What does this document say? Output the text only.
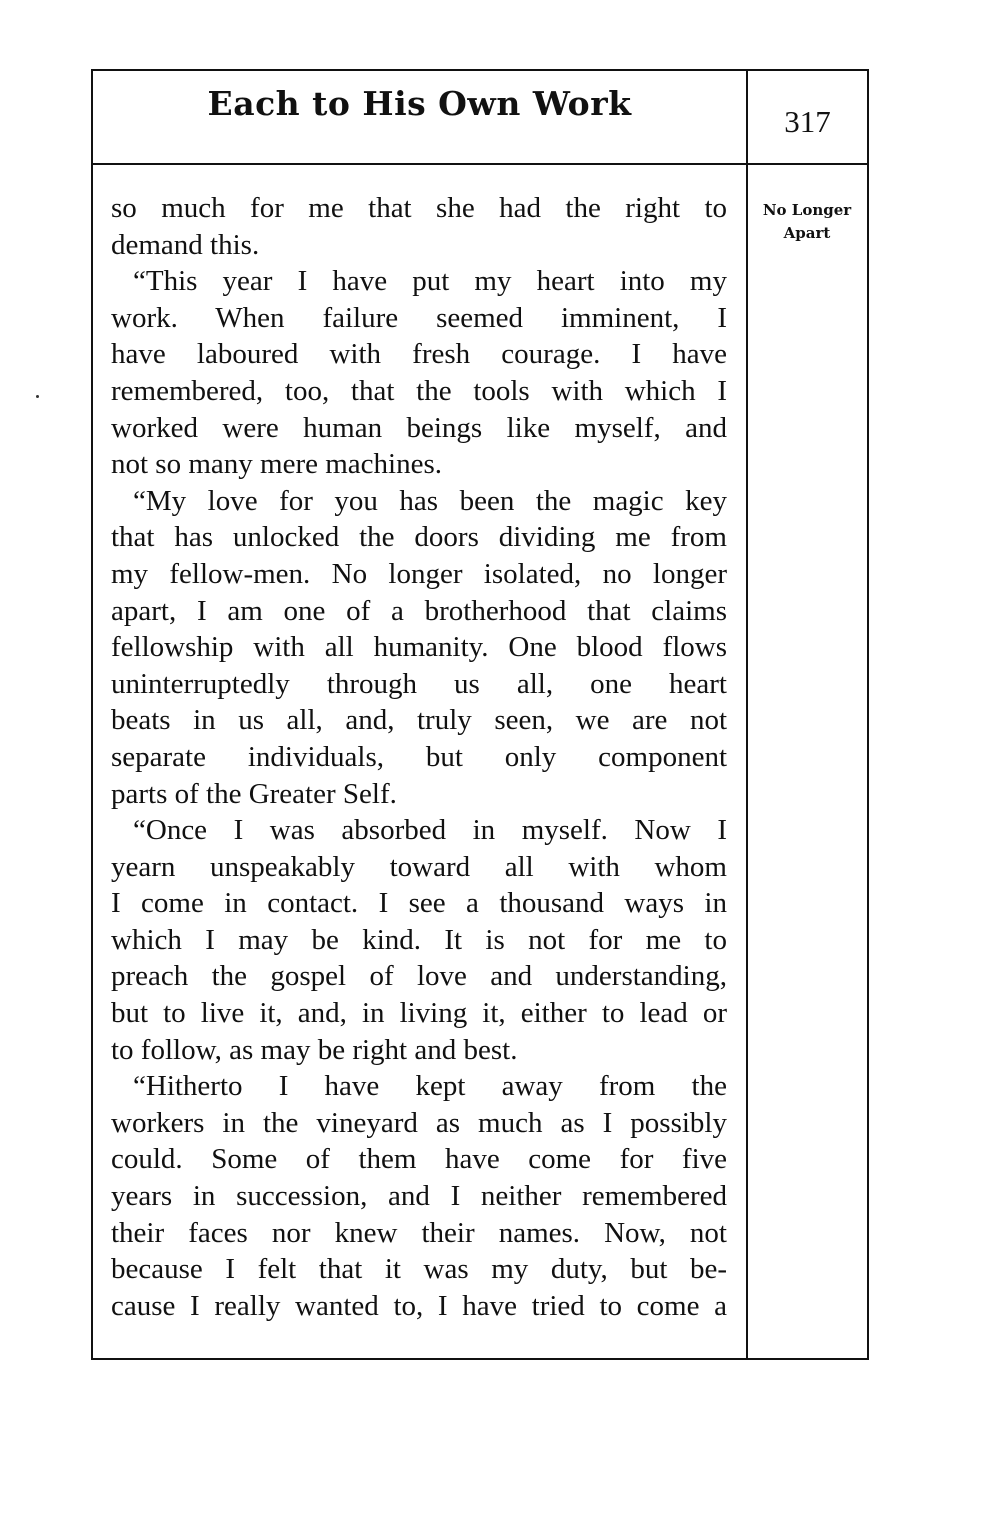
Each to His Own Work	317
No Longer
Apart
so much for me that she had the right to
demand this.
“This year I have put my heart into my
work. When failure seemed imminent, I
have laboured with fresh courage. I have
remembered, too, that the tools with which I
worked were human beings like myself, and
not so many mere machines.
“My love for you has been the magic key
that has unlocked the doors dividing me from
my fellow-men. No longer isolated, no longer
apart, I am one of a brotherhood that claims
fellowship with all humanity. One blood flows
uninterruptedly through us all, one heart
beats in us all, and, truly seen, we are not
separate individuals, but only component
parts of the Greater Self.
“Once I was absorbed in myself. Now I
yearn unspeakably toward all with whom
I come in contact. I see a thousand ways in
which I may be kind. It is not for me to
preach the gospel of love and understanding,
but to live it, and, in living it, either to lead or
to follow, as may be right and best.
“Hitherto I have kept away from the
workers in the vineyard as much as I possibly
could. Some of them have come for five
years in succession, and I neither remembered
their faces nor knew their names. Now, not
because I felt that it was my duty, but be-
cause I really wanted to, I have tried to come a
